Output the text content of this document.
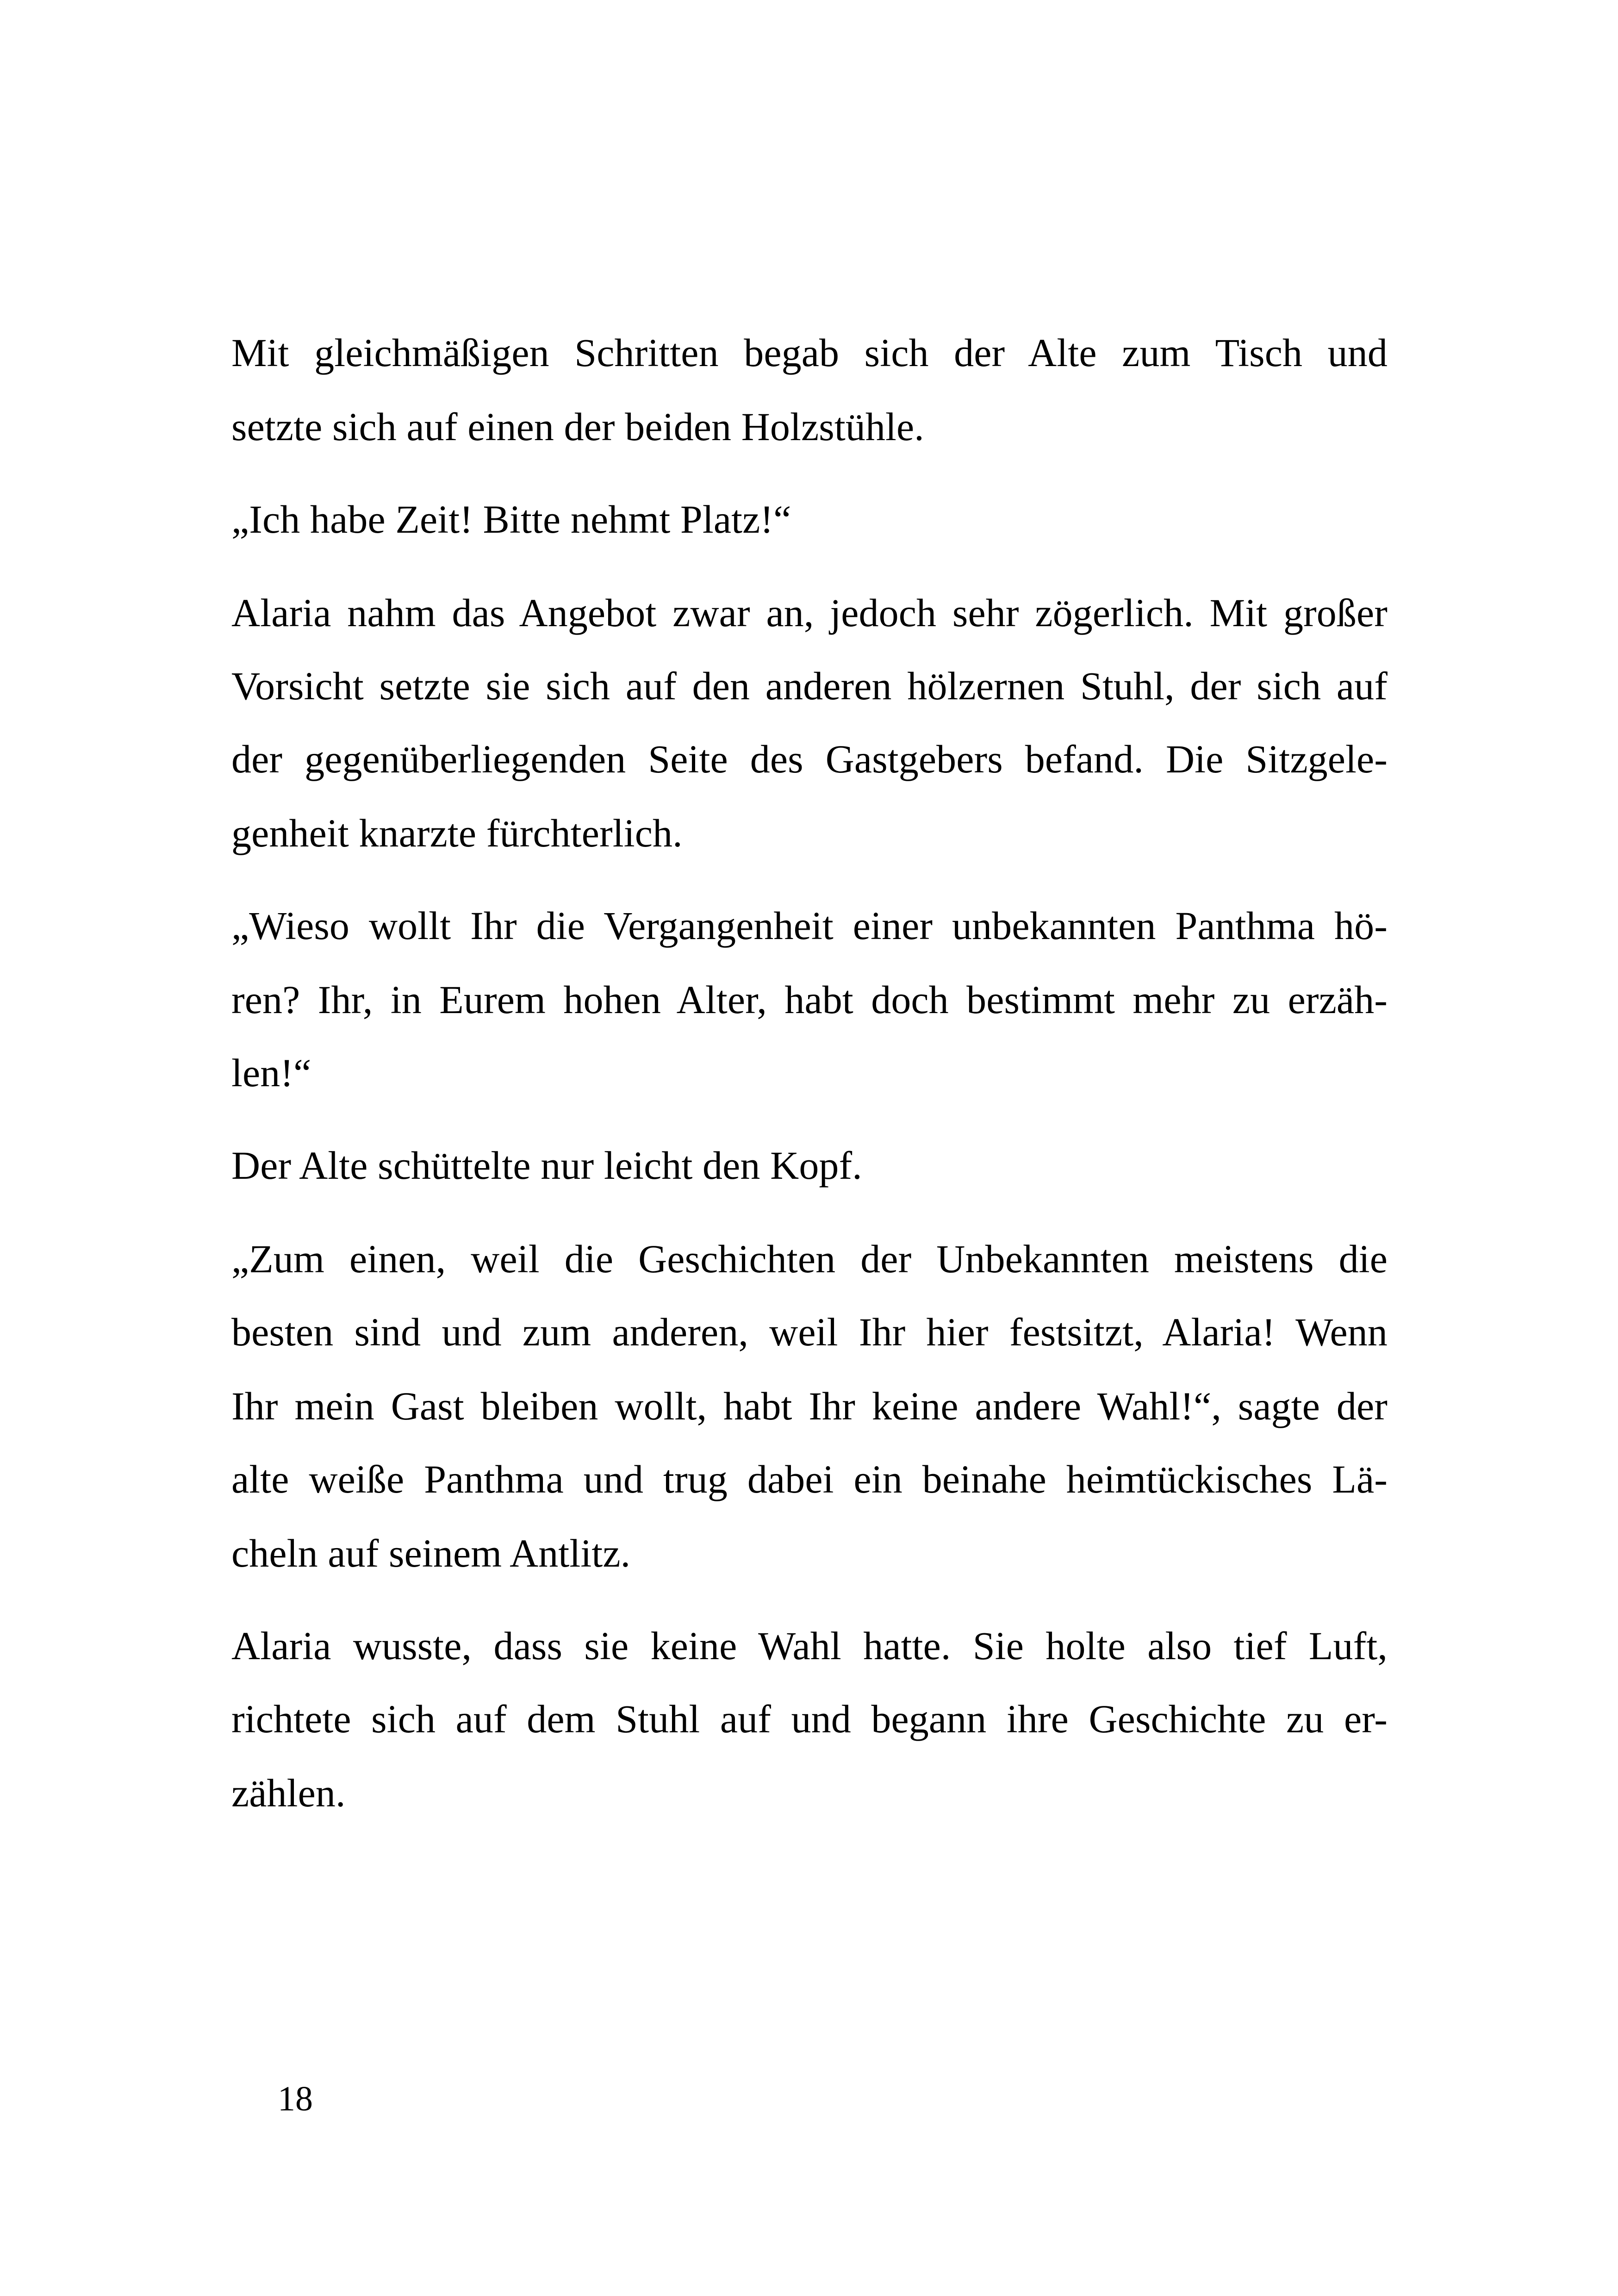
Mit gleichmäßigen Schritten begab sich der Alte zum Tisch und
setzte sich auf einen der beiden Holzstühle.
„Ich habe Zeit! Bitte nehmt Platz!“
Alaria nahm das Angebot zwar an, jedoch sehr zögerlich. Mit großer
Vorsicht setzte sie sich auf den anderen hölzernen Stuhl, der sich auf
der gegenüberliegenden Seite des Gastgebers befand. Die Sitzgele-
genheit knarzte fürchterlich.
„Wieso wollt Ihr die Vergangenheit einer unbekannten Panthma hö-
ren? Ihr, in Eurem hohen Alter, habt doch bestimmt mehr zu erzäh-
len!“
Der Alte schüttelte nur leicht den Kopf.
„Zum einen, weil die Geschichten der Unbekannten meistens die
besten sind und zum anderen, weil Ihr hier festsitzt, Alaria! Wenn
Ihr mein Gast bleiben wollt, habt Ihr keine andere Wahl!“, sagte der
alte weiße Panthma und trug dabei ein beinahe heimtückisches Lä-
cheln auf seinem Antlitz.
Alaria wusste, dass sie keine Wahl hatte. Sie holte also tief Luft,
richtete sich auf dem Stuhl auf und begann ihre Geschichte zu er-
zählen.
18
